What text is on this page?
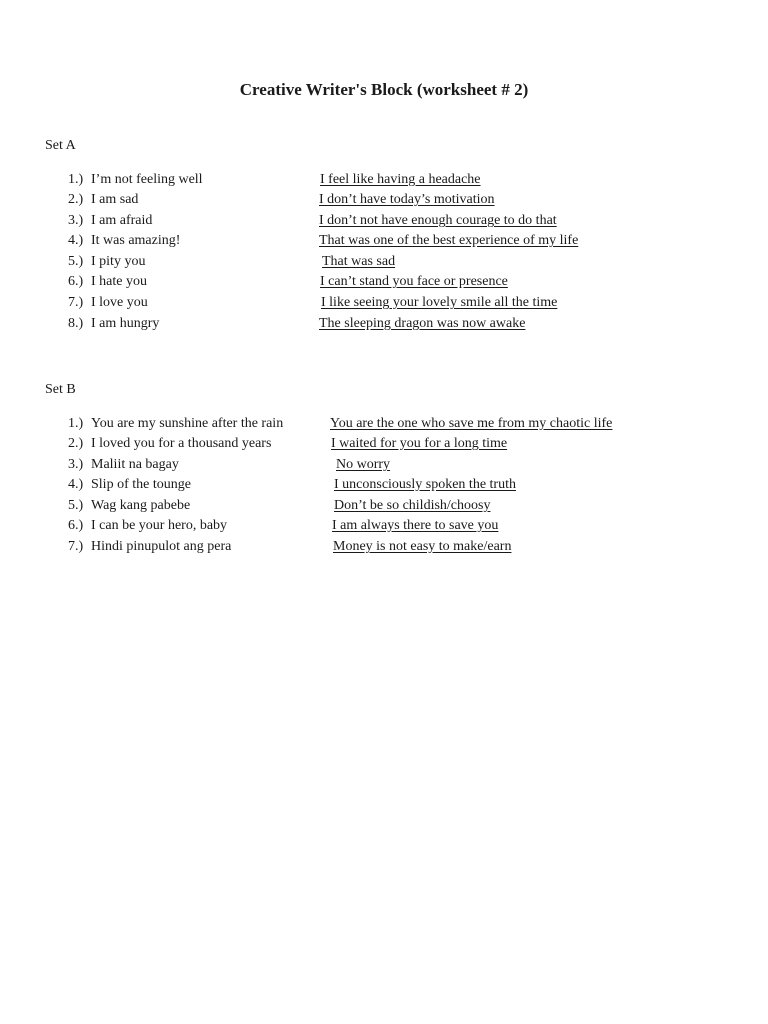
Creative Writer's Block (worksheet # 2)

Set A

1.) I’m not feeling well	I feel like having a headache
2.) I am sad	I don’t have today’s motivation
3.) I am afraid	I don’t not have enough courage to do that
4.) It was amazing!	That was one of the best experience of my life
5.) I pity you	That was sad
6.) I hate you	I can’t stand you face or presence
7.) I love you	I like seeing your lovely smile all the time
8.) I am hungry	The sleeping dragon was now awake

Set B

1.) You are my sunshine after the rain	You are the one who save me from my chaotic life
2.) I loved you for a thousand years	I waited for you for a long time
3.) Maliit na bagay	No worry
4.) Slip of the tounge	I unconsciously spoken the truth
5.) Wag kang pabebe	Don’t be so childish/choosy
6.) I can be your hero, baby	I am always there to save you
7.) Hindi pinupulot ang pera	Money is not easy to make/earn
